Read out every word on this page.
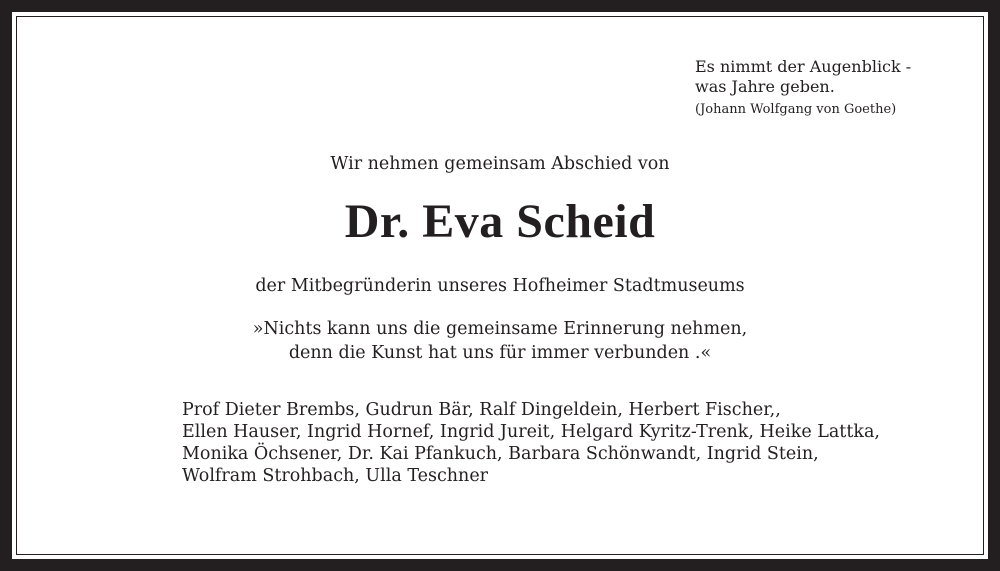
Es nimmt der Augenblick -
was Jahre geben.
(Johann Wolfgang von Goethe)
Wir nehmen gemeinsam Abschied von
Dr. Eva Scheid
der Mitbegründerin unseres Hofheimer Stadtmuseums
»Nichts kann uns die gemeinsame Erinnerung nehmen,
denn die Kunst hat uns für immer verbunden .«
Prof Dieter Brembs, Gudrun Bär, Ralf Dingeldein, Herbert Fischer,,
Ellen Hauser, Ingrid Hornef, Ingrid Jureit, Helgard Kyritz-Trenk, Heike Lattka,
Monika Öchsener, Dr. Kai Pfankuch, Barbara Schönwandt, Ingrid Stein,
Wolfram Strohbach, Ulla Teschner
